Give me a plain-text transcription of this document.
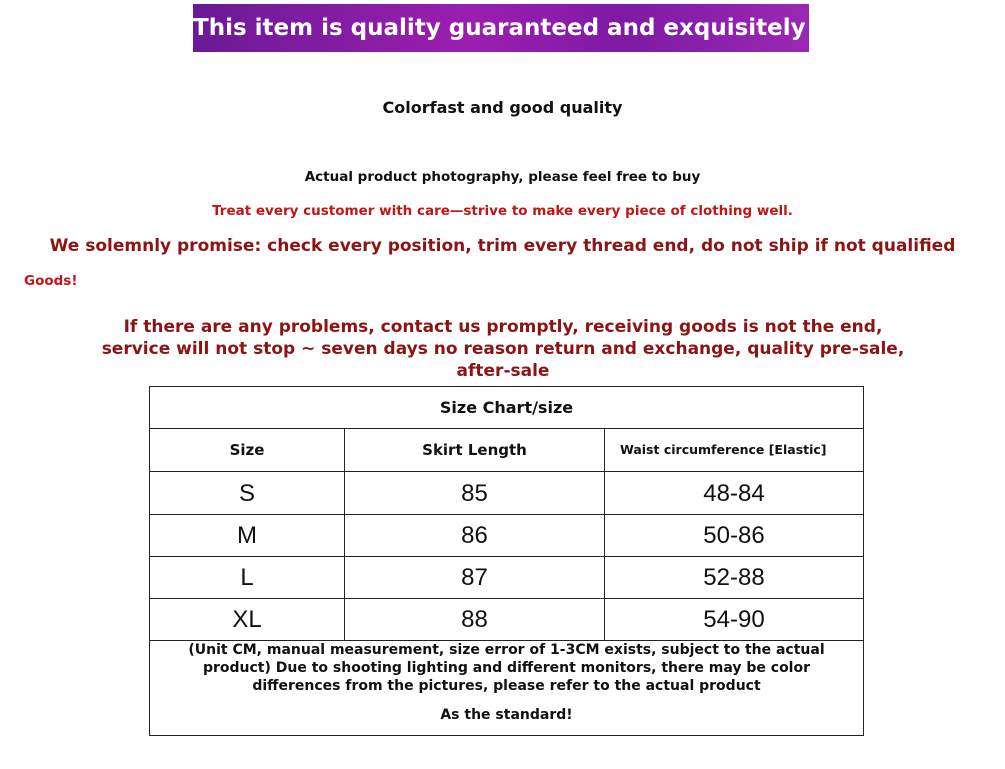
This item is quality guaranteed and exquisitely crafted.
Colorfast and good quality
Actual product photography, please feel free to buy
Treat every customer with care—strive to make every piece of clothing well.
We solemnly promise: check every position, trim every thread end, do not ship if not qualified
Goods!
If there are any problems, contact us promptly, receiving goods is not the end, service will not stop ~ seven days no reason return and exchange, quality pre-sale, after-sale
Size Chart/size
Size	Skirt Length	Waist circumference [Elastic]
S	85	48-84
M	86	50-86
L	87	52-88
XL	88	54-90
(Unit CM, manual measurement, size error of 1-3CM exists, subject to the actual product) Due to shooting lighting and different monitors, there may be color differences from the pictures, please refer to the actual product
As the standard!
